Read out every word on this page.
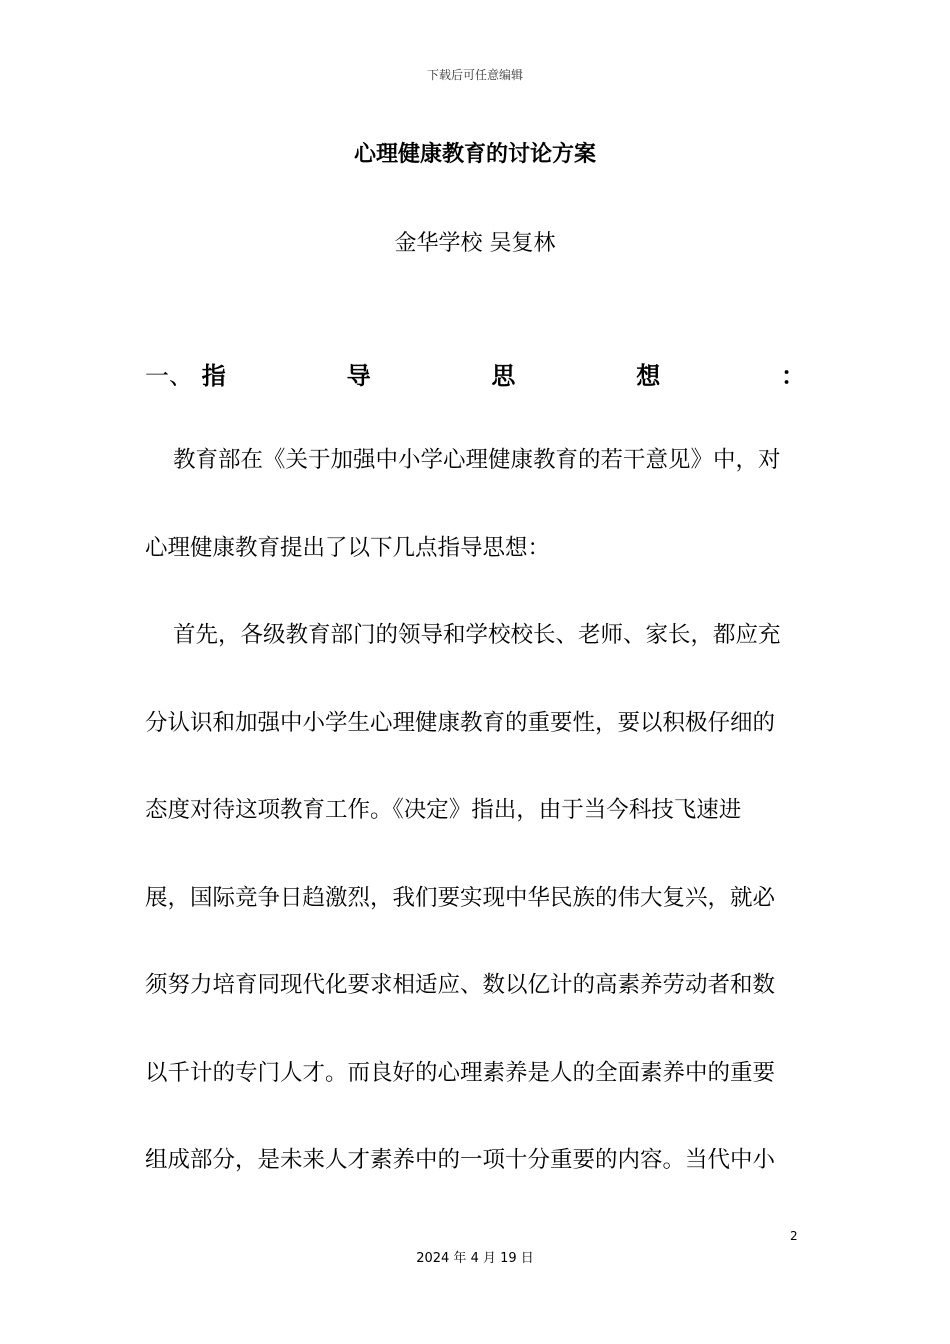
下载后可任意编辑
心理健康教育的讨论方案
金华学校 吴复林
一、 指	导	思	想	：
教育部在《关于加强中小学心理健康教育的若干意见》中，对
心理健康教育提出了以下几点指导思想：
首先，各级教育部门的领导和学校校长、老师、家长，都应充
分认识和加强中小学生心理健康教育的重要性，要以积极仔细的
态度对待这项教育工作。《决定》指出，由于当今科技飞速进
展，国际竞争日趋激烈，我们要实现中华民族的伟大复兴，就必
须努力培育同现代化要求相适应、数以亿计的高素养劳动者和数
以千计的专门人才。而良好的心理素养是人的全面素养中的重要
组成部分，是未来人才素养中的一项十分重要的内容。当代中小
2
2024 年 4 月 19 日
